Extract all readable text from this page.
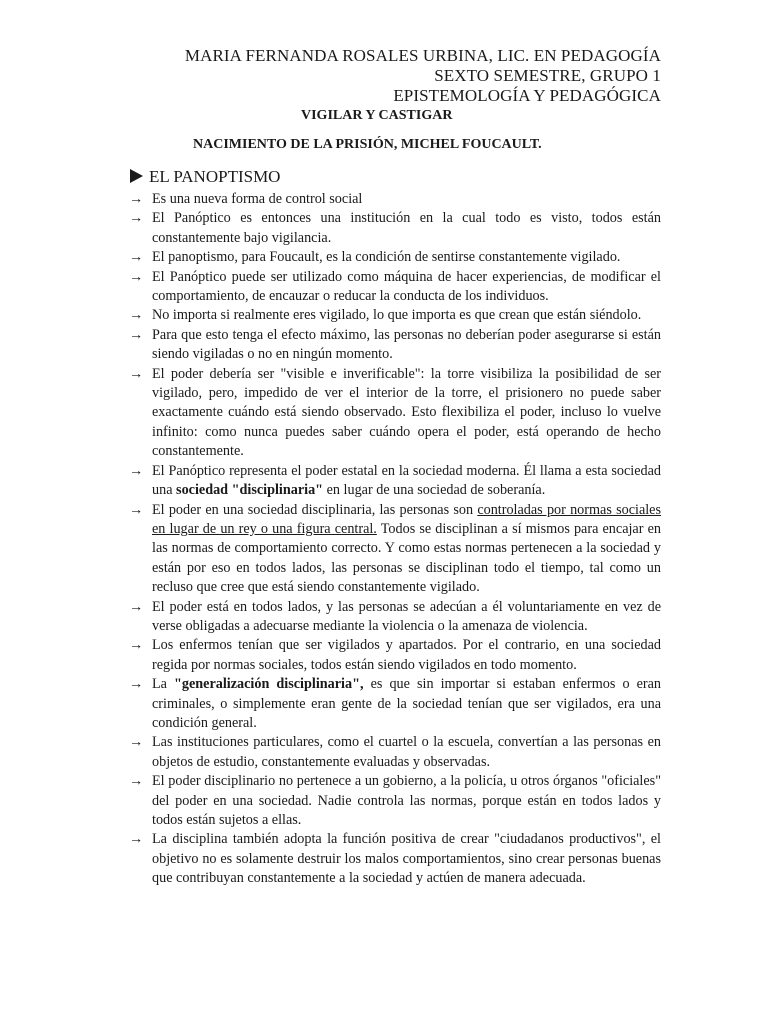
MARIA FERNANDA ROSALES URBINA, LIC. EN PEDAGOGÍA
SEXTO SEMESTRE, GRUPO 1
EPISTEMOLOGÍA Y PEDAGÓGICA
VIGILAR Y CASTIGAR
NACIMIENTO DE LA PRISIÓN, MICHEL FOUCAULT.
EL PANOPTISMO
→ Es una nueva forma de control social
→ El Panóptico es entonces una institución en la cual todo es visto, todos están constantemente bajo vigilancia.
→ El panoptismo, para Foucault, es la condición de sentirse constantemente vigilado.
→ El Panóptico puede ser utilizado como máquina de hacer experiencias, de modificar el comportamiento, de encauzar o reducar la conducta de los individuos.
→ No importa si realmente eres vigilado, lo que importa es que crean que están siéndolo.
→ Para que esto tenga el efecto máximo, las personas no deberían poder asegurarse si están siendo vigiladas o no en ningún momento.
→ El poder debería ser "visible e inverificable": la torre visibiliza la posibilidad de ser vigilado, pero, impedido de ver el interior de la torre, el prisionero no puede saber exactamente cuándo está siendo observado. Esto flexibiliza el poder, incluso lo vuelve infinito: como nunca puedes saber cuándo opera el poder, está operando de hecho constantemente.
→ El Panóptico representa el poder estatal en la sociedad moderna. Él llama a esta sociedad una sociedad "disciplinaria" en lugar de una sociedad de soberanía.
→ El poder en una sociedad disciplinaria, las personas son controladas por normas sociales en lugar de un rey o una figura central. Todos se disciplinan a sí mismos para encajar en las normas de comportamiento correcto. Y como estas normas pertenecen a la sociedad y están por eso en todos lados, las personas se disciplinan todo el tiempo, tal como un recluso que cree que está siendo constantemente vigilado.
→ El poder está en todos lados, y las personas se adecúan a él voluntariamente en vez de verse obligadas a adecuarse mediante la violencia o la amenaza de violencia.
→ Los enfermos tenían que ser vigilados y apartados. Por el contrario, en una sociedad regida por normas sociales, todos están siendo vigilados en todo momento.
→ La "generalización disciplinaria", es que sin importar si estaban enfermos o eran criminales, o simplemente eran gente de la sociedad tenían que ser vigilados, era una condición general.
→ Las instituciones particulares, como el cuartel o la escuela, convertían a las personas en objetos de estudio, constantemente evaluadas y observadas.
→ El poder disciplinario no pertenece a un gobierno, a la policía, u otros órganos "oficiales" del poder en una sociedad. Nadie controla las normas, porque están en todos lados y todos están sujetos a ellas.
→ La disciplina también adopta la función positiva de crear "ciudadanos productivos", el objetivo no es solamente destruir los malos comportamientos, sino crear personas buenas que contribuyan constantemente a la sociedad y actúen de manera adecuada.
